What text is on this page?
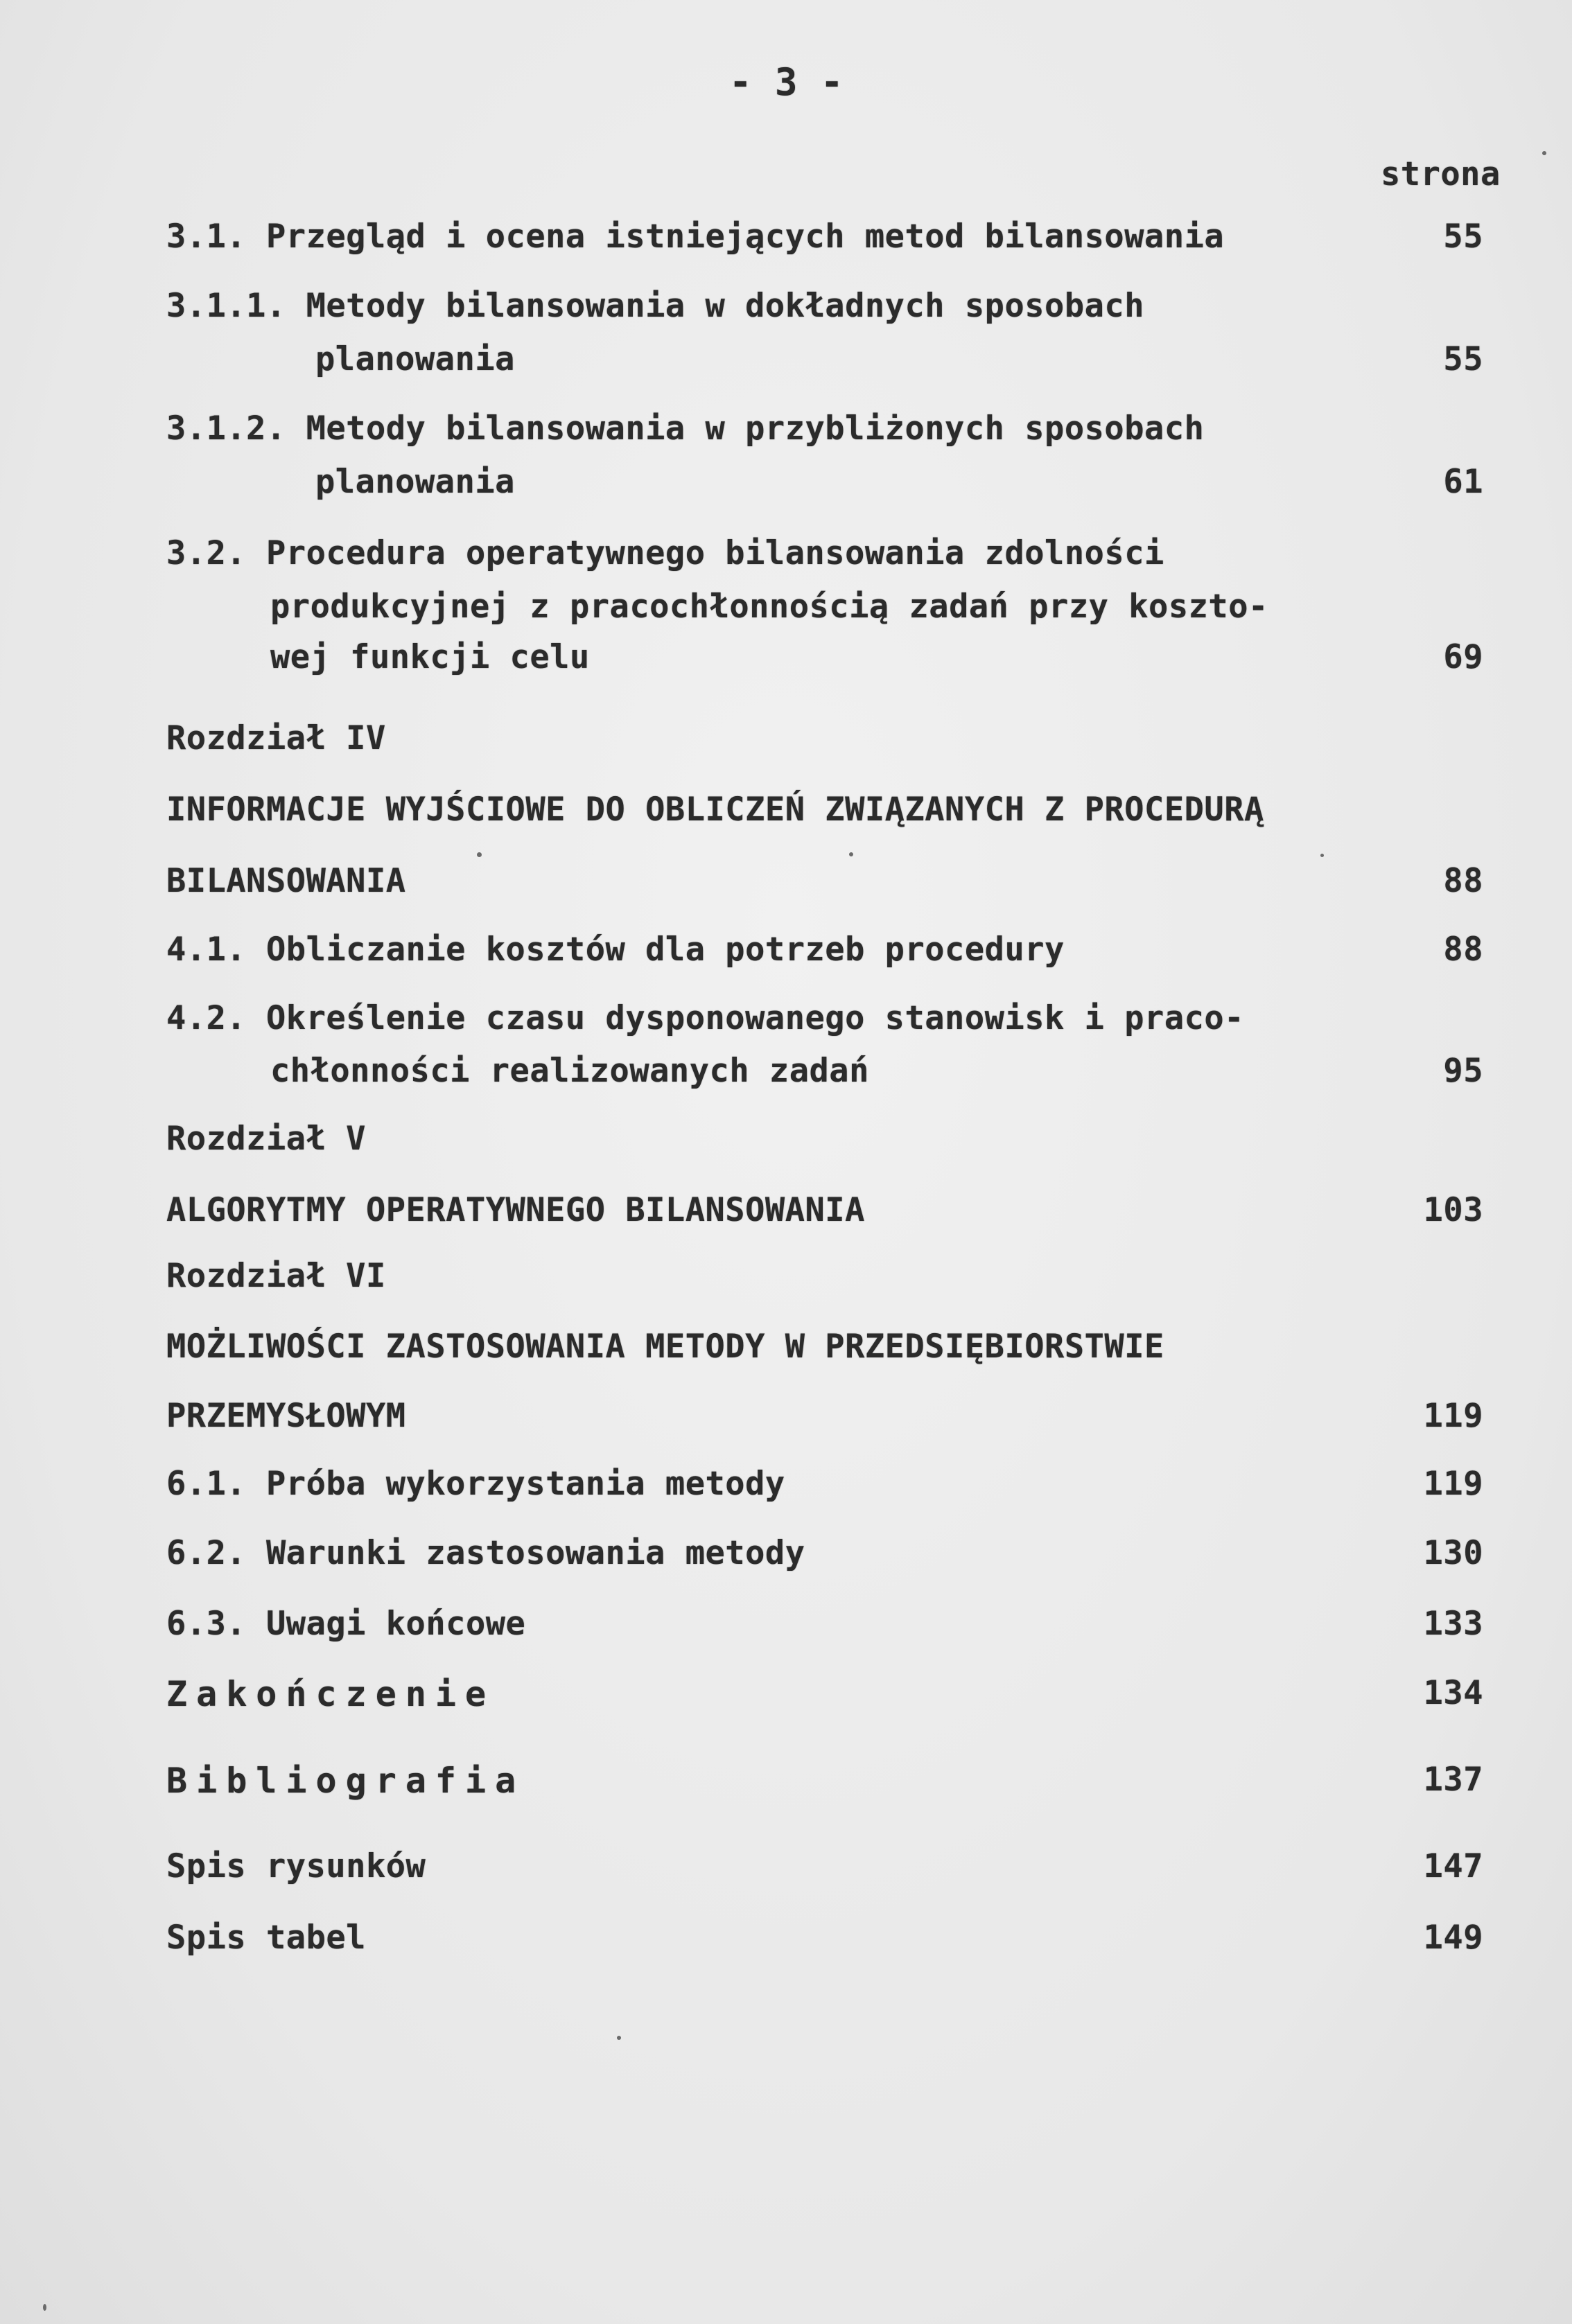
- 3 -
strona
3.1. Przegląd i ocena istniejących metod bilansowania	55
3.1.1. Metody bilansowania w dokładnych sposobach
planowania	55
3.1.2. Metody bilansowania w przybliżonych sposobach
planowania	61
3.2. Procedura operatywnego bilansowania zdolności
produkcyjnej z pracochłonnością zadań przy koszto-
wej funkcji celu	69
Rozdział IV
INFORMACJE WYJŚCIOWE DO OBLICZEŃ ZWIĄZANYCH Z PROCEDURĄ
BILANSOWANIA	88
4.1. Obliczanie kosztów dla potrzeb procedury	88
4.2. Określenie czasu dysponowanego stanowisk i praco-
chłonności realizowanych zadań	95
Rozdział V
ALGORYTMY OPERATYWNEGO BILANSOWANIA	103
Rozdział VI
MOŻLIWOŚCI ZASTOSOWANIA METODY W PRZEDSIĘBIORSTWIE
PRZEMYSŁOWYM	119
6.1. Próba wykorzystania metody	119
6.2. Warunki zastosowania metody	130
6.3. Uwagi końcowe	133
Zakończenie	134
Bibliografia	137
Spis rysunków	147
Spis tabel	149
